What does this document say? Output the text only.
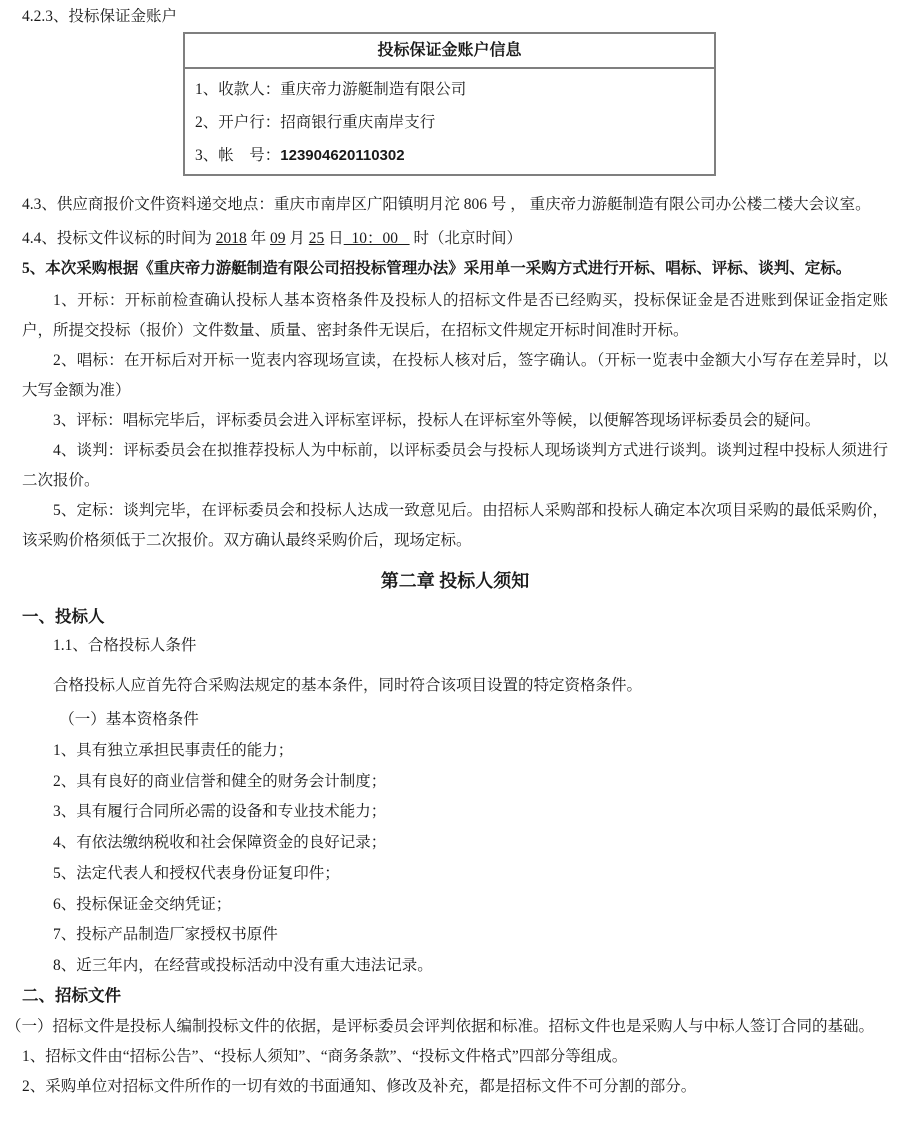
4.2.3、投标保证金账户

投标保证金账户信息

1、收款人：重庆帝力游艇制造有限公司

2、开户行：招商银行重庆南岸支行

3、帐　号：123904620110302

4.3、供应商报价文件资料递交地点：重庆市南岸区广阳镇明月沱 806 号 ， 重庆帝力游艇制造有限公司办公楼二楼大会议室。

4.4、投标文件议标的时间为 2018 年 09 月 25 日  10：00    时（北京时间）

5、本次采购根据《重庆帝力游艇制造有限公司招投标管理办法》采用单一采购方式进行开标、唱标、评标、谈判、定标。

1、开标：开标前检查确认投标人基本资格条件及投标人的招标文件是否已经购买，投标保证金是否进账到保证金指定账户，所提交投标（报价）文件数量、质量、密封条件无误后，在招标文件规定开标时间准时开标。

2、唱标：在开标后对开标一览表内容现场宣读，在投标人核对后，签字确认。（开标一览表中金额大小写存在差异时，以大写金额为准）

3、评标：唱标完毕后，评标委员会进入评标室评标，投标人在评标室外等候，以便解答现场评标委员会的疑问。

4、谈判：评标委员会在拟推荐投标人为中标前，以评标委员会与投标人现场谈判方式进行谈判。谈判过程中投标人须进行二次报价。

5、定标：谈判完毕，在评标委员会和投标人达成一致意见后。由招标人采购部和投标人确定本次项目采购的最低采购价，该采购价格须低于二次报价。双方确认最终采购价后，现场定标。

第二章 投标人须知

一、投标人

1.1、合格投标人条件

合格投标人应首先符合采购法规定的基本条件，同时符合该项目设置的特定资格条件。

（一）基本资格条件

1、具有独立承担民事责任的能力；

2、具有良好的商业信誉和健全的财务会计制度；

3、具有履行合同所必需的设备和专业技术能力；

4、有依法缴纳税收和社会保障资金的良好记录；

5、法定代表人和授权代表身份证复印件；

6、投标保证金交纳凭证；

7、投标产品制造厂家授权书原件

8、近三年内，在经营或投标活动中没有重大违法记录。

二、招标文件

（一）招标文件是投标人编制投标文件的依据，是评标委员会评判依据和标准。招标文件也是采购人与中标人签订合同的基础。

1、招标文件由“招标公告”、“投标人须知”、“商务条款”、“投标文件格式”四部分等组成。

2、采购单位对招标文件所作的一切有效的书面通知、修改及补充，都是招标文件不可分割的部分。
